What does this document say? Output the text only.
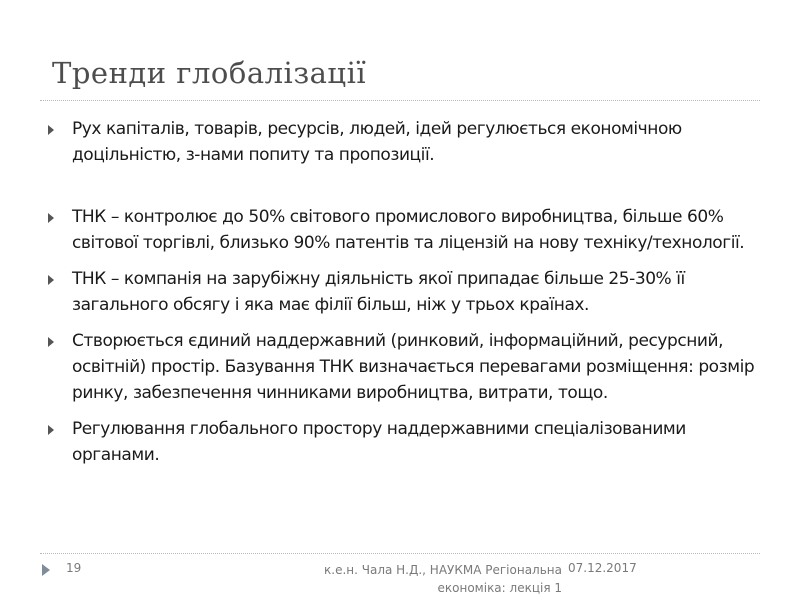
Тренди глобалізації
Рух капіталів, товарів, ресурсів, людей, ідей регулюється економічною доцільністю, з-нами попиту та пропозиції.
ТНК – контролює до 50% світового промислового виробництва, більше 60% світової торгівлі, близько 90% патентів та ліцензій на нову техніку/технології.
ТНК – компанія на зарубіжну діяльність якої припадає більше 25-30% її загального обсягу і яка має філії більш, ніж у трьох країнах.
Створюється єдиний наддержавний (ринковий, інформаційний, ресурсний, освітній) простір. Базування ТНК визначається перевагами розміщення: розмір ринку, забезпечення чинниками виробництва, витрати, тощо.
Регулювання глобального простору наддержавними спеціалізованими органами.
19	к.е.н. Чала Н.Д., НАУКМА Регіональна економіка: лекція 1
07.12.2017
